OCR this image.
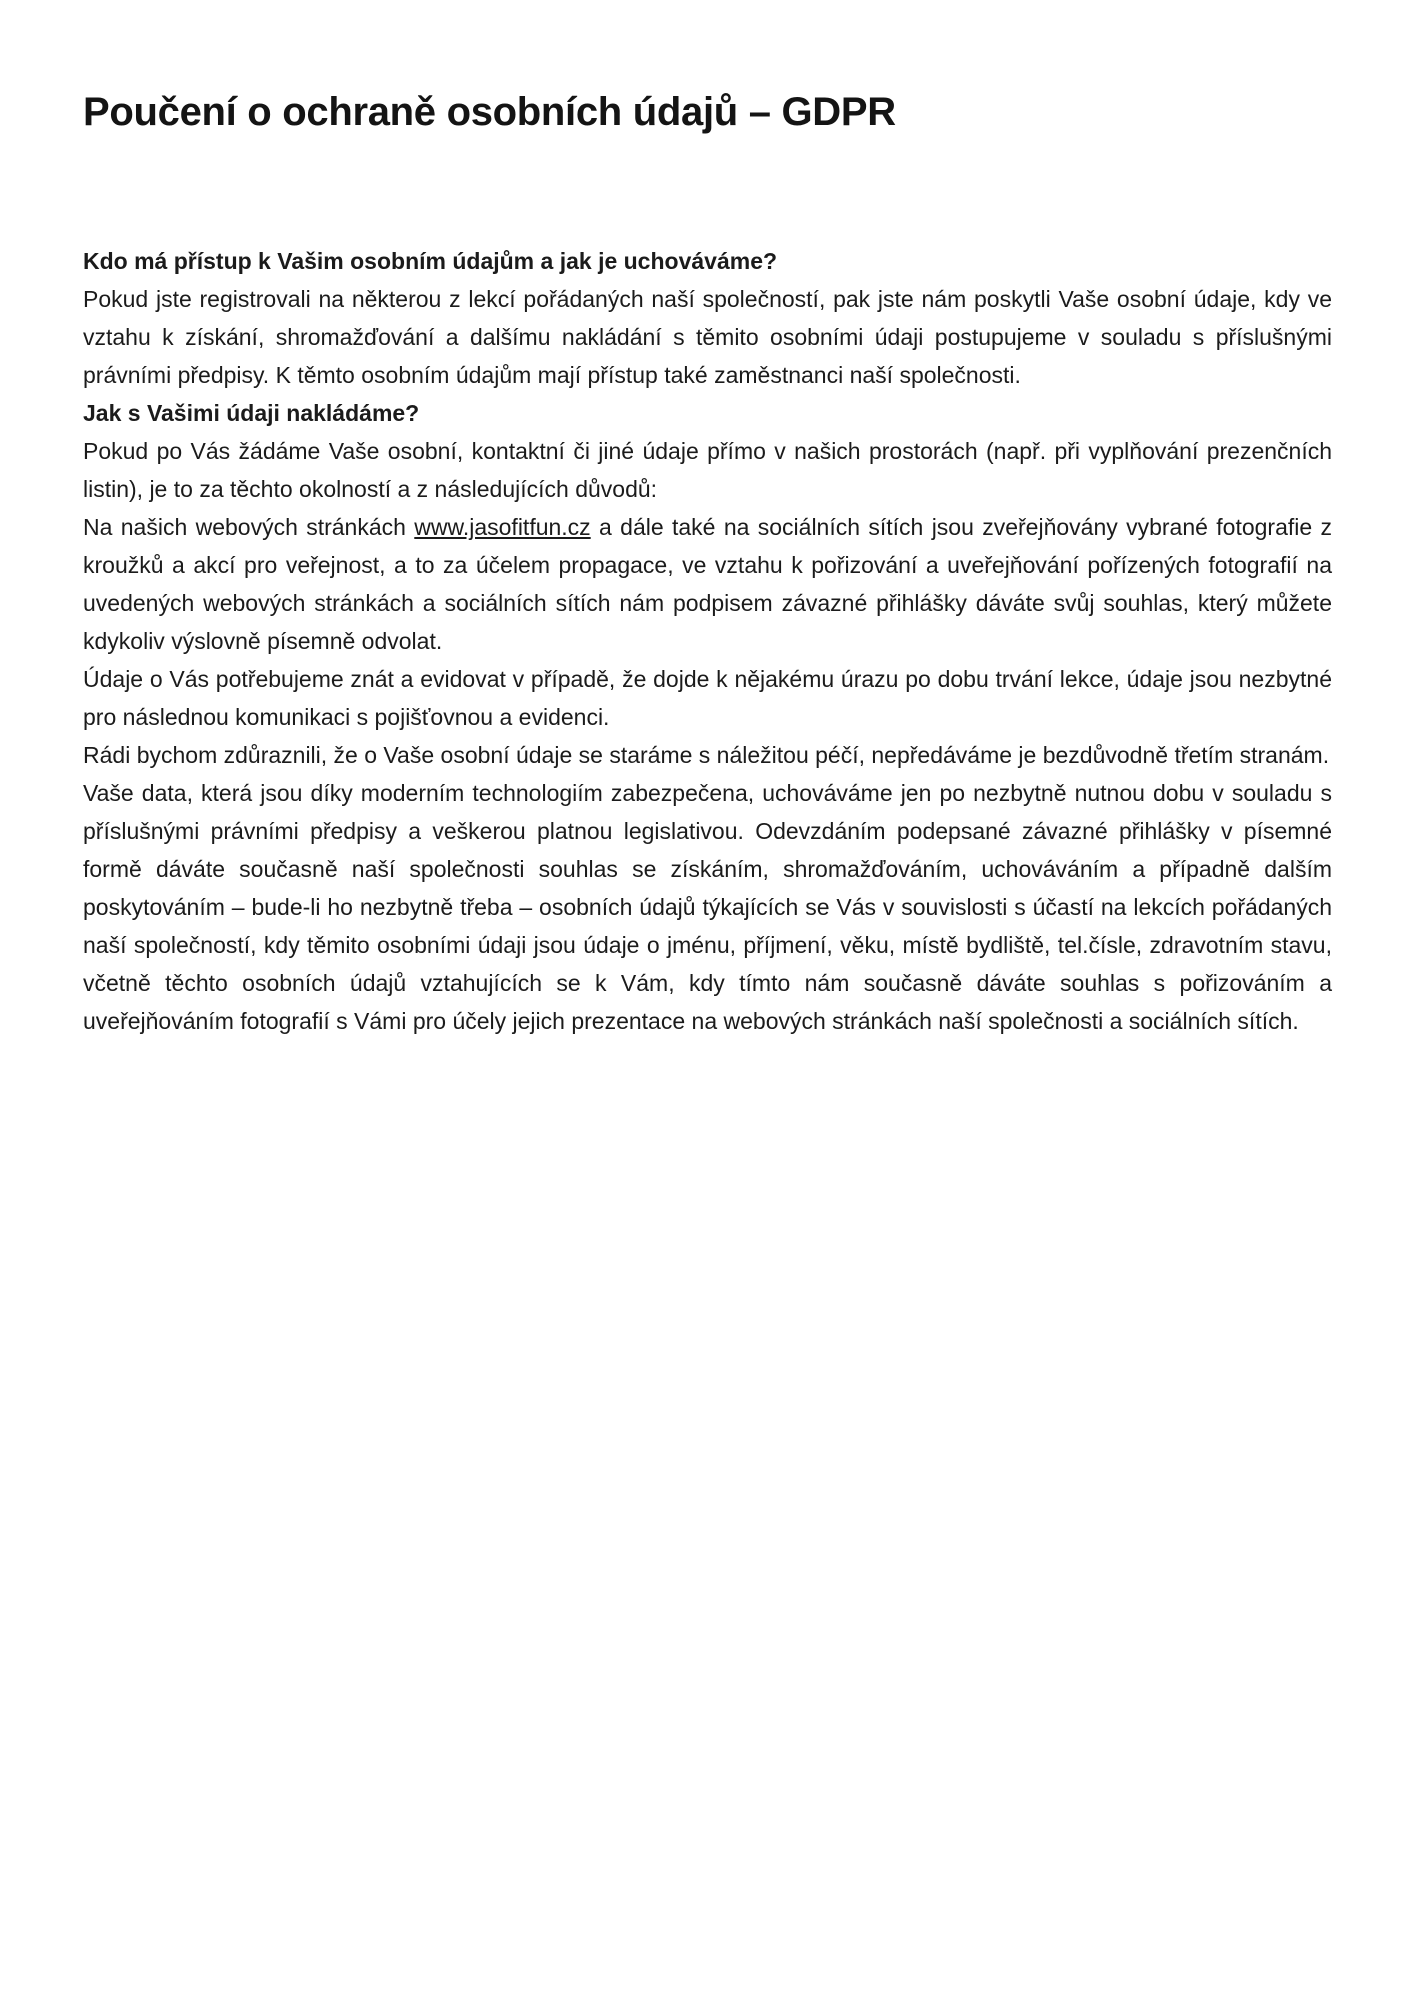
Poučení o ochraně osobních údajů – GDPR
Kdo má přístup k Vašim osobním údajům a jak je uchováváme?

Pokud jste registrovali na některou z lekcí pořádaných naší společností, pak jste nám poskytli Vaše osobní údaje, kdy ve vztahu k získání, shromažďování a dalšímu nakládání s těmito osobními údaji postupujeme v souladu s příslušnými právními předpisy. K těmto osobním údajům mají přístup také zaměstnanci naší společnosti.

Jak s Vašimi údaji nakládáme?

Pokud po Vás žádáme Vaše osobní, kontaktní či jiné údaje přímo v našich prostorách (např. při vyplňování prezenčních listin), je to za těchto okolností a z následujících důvodů:

Na našich webových stránkách www.jasofitfun.cz a dále také na sociálních sítích jsou zveřejňovány vybrané fotografie z kroužků a akcí pro veřejnost, a to za účelem propagace, ve vztahu k pořizování a uveřejňování pořízených fotografií na uvedených webových stránkách a sociálních sítích nám podpisem závazné přihlášky dáváte svůj souhlas, který můžete kdykoliv výslovně písemně odvolat.

Údaje o Vás potřebujeme znát a evidovat v případě, že dojde k nějakému úrazu po dobu trvání lekce, údaje jsou nezbytné pro následnou komunikaci s pojišťovnou a evidenci.

Rádi bychom zdůraznili, že o Vaše osobní údaje se staráme s náležitou péčí, nepředáváme je bezdůvodně třetím stranám.

Vaše data, která jsou díky moderním technologiím zabezpečena, uchováváme jen po nezbytně nutnou dobu v souladu s příslušnými právními předpisy a veškerou platnou legislativou. Odevzdáním podepsané závazné přihlášky v písemné formě dáváte současně naší společnosti souhlas se získáním, shromažďováním, uchováváním a případně dalším poskytováním – bude-li ho nezbytně třeba – osobních údajů týkajících se Vás v souvislosti s účastí na lekcích pořádaných naší společností, kdy těmito osobními údaji jsou údaje o jménu, příjmení, věku, místě bydliště, tel.čísle, zdravotním stavu, včetně těchto osobních údajů vztahujících se k Vám, kdy tímto nám současně dáváte souhlas s pořizováním a uveřejňováním fotografií s Vámi pro účely jejich prezentace na webových stránkách naší společnosti a sociálních sítích.
